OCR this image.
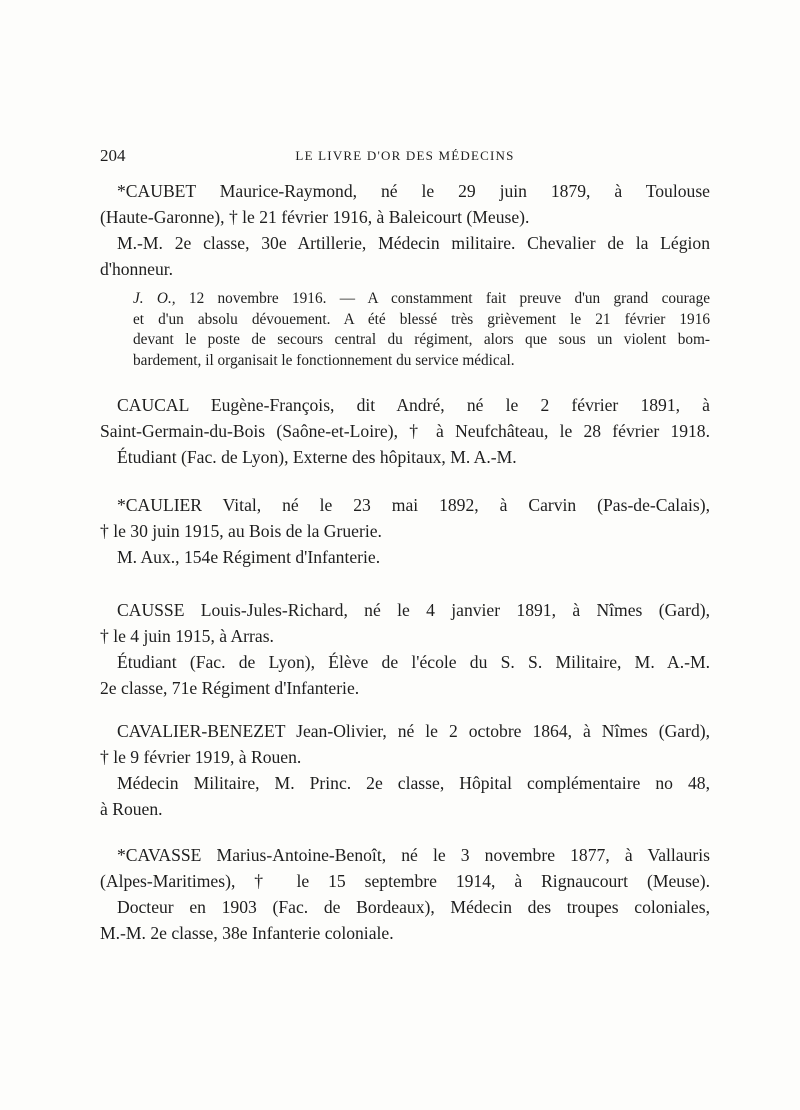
204	LE LIVRE D'OR DES MÉDECINS
*CAUBET Maurice-Raymond, né le 29 juin 1879, à Toulouse
(Haute-Garonne), † le 21 février 1916, à Baleicourt (Meuse).
M.-M. 2e classe, 30e Artillerie, Médecin militaire. Chevalier de la Légion
d'honneur.
J. O., 12 novembre 1916. — A constamment fait preuve d'un grand courage
et d'un absolu dévouement. A été blessé très grièvement le 21 février 1916
devant le poste de secours central du régiment, alors que sous un violent bom-
bardement, il organisait le fonctionnement du service médical.
CAUCAL Eugène-François, dit André, né le 2 février 1891, à
Saint-Germain-du-Bois (Saône-et-Loire), † à Neufchâteau, le 28 février 1918.
Étudiant (Fac. de Lyon), Externe des hôpitaux, M. A.-M.
*CAULIER Vital, né le 23 mai 1892, à Carvin (Pas-de-Calais),
† le 30 juin 1915, au Bois de la Gruerie.
M. Aux., 154e Régiment d'Infanterie.
CAUSSE Louis-Jules-Richard, né le 4 janvier 1891, à Nîmes (Gard),
† le 4 juin 1915, à Arras.
Étudiant (Fac. de Lyon), Élève de l'école du S. S. Militaire, M. A.-M.
2e classe, 71e Régiment d'Infanterie.
CAVALIER-BENEZET Jean-Olivier, né le 2 octobre 1864, à Nîmes (Gard),
† le 9 février 1919, à Rouen.
Médecin Militaire, M. Princ. 2e classe, Hôpital complémentaire no 48,
à Rouen.
*CAVASSE Marius-Antoine-Benoît, né le 3 novembre 1877, à Vallauris
(Alpes-Maritimes), † le 15 septembre 1914, à Rignaucourt (Meuse).
Docteur en 1903 (Fac. de Bordeaux), Médecin des troupes coloniales,
M.-M. 2e classe, 38e Infanterie coloniale.
